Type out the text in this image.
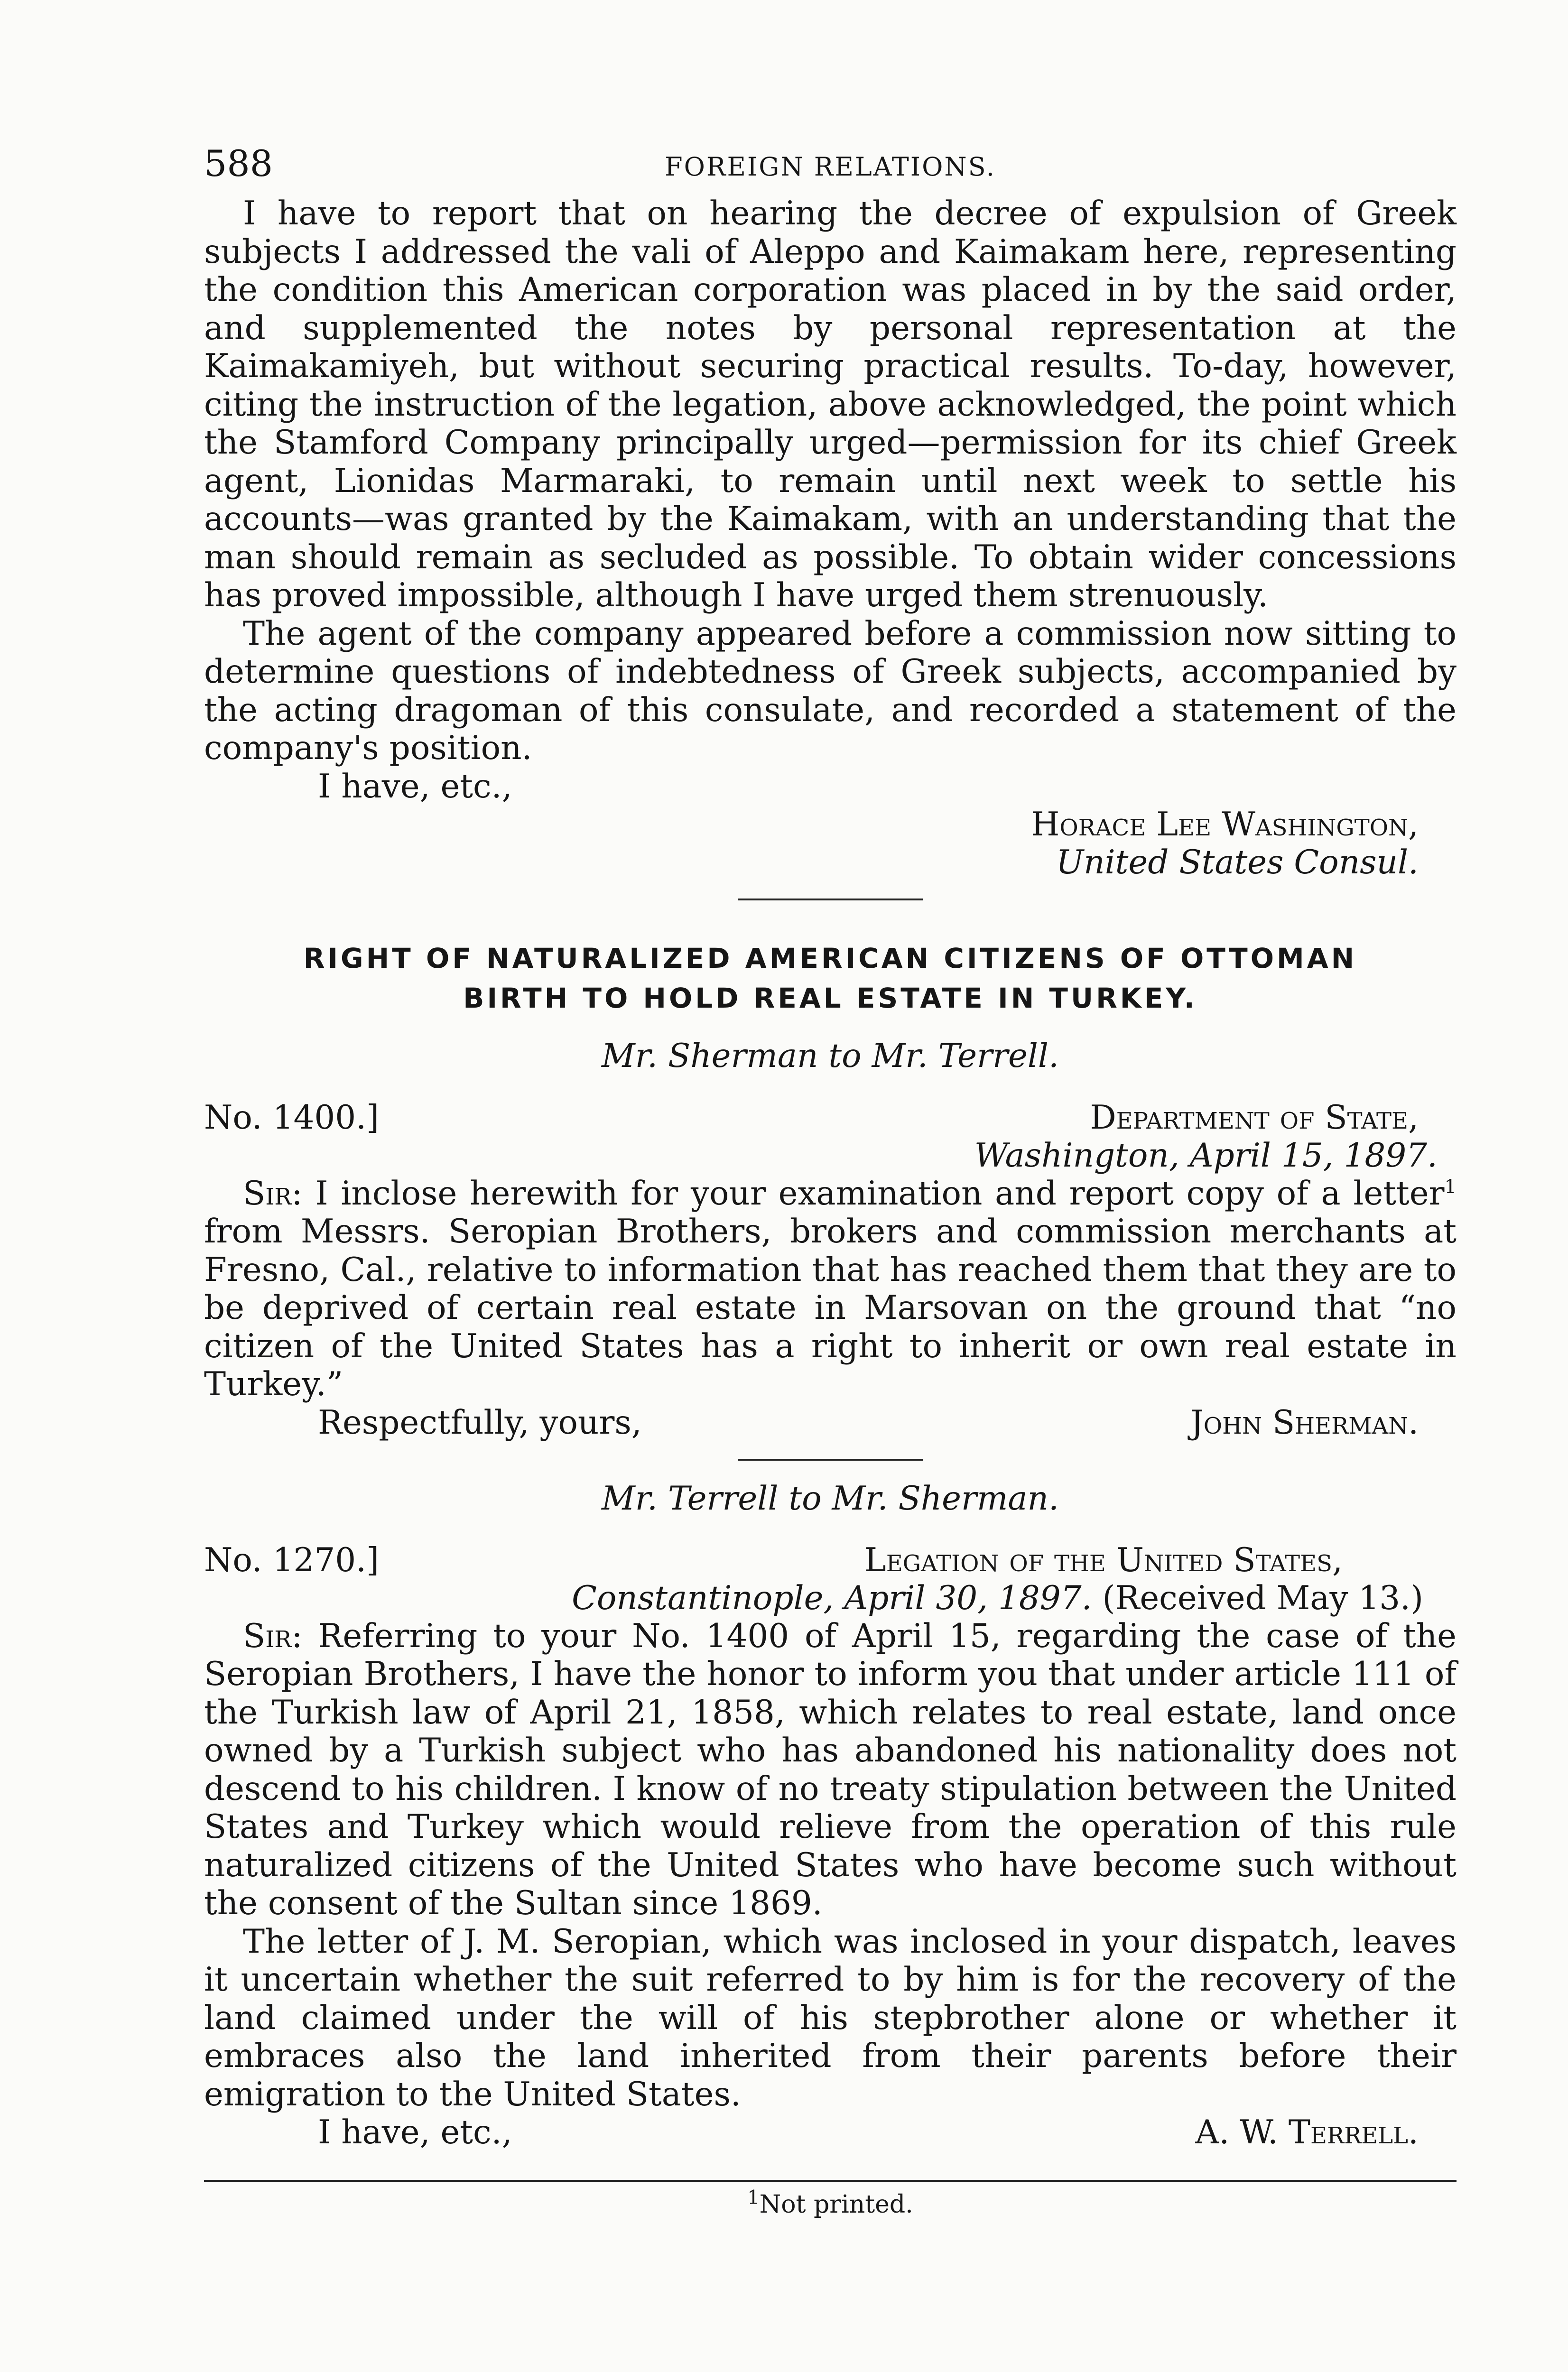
588	FOREIGN RELATIONS.

I have to report that on hearing the decree of expulsion of Greek subjects I addressed the vali of Aleppo and Kaimakam here, representing the condition this American corporation was placed in by the said order, and supplemented the notes by personal representation at the Kaimakamiyeh, but without securing practical results. To-day, however, citing the instruction of the legation, above acknowledged, the point which the Stamford Company principally urged—permission for its chief Greek agent, Lionidas Marmaraki, to remain until next week to settle his accounts—was granted by the Kaimakam, with an understanding that the man should remain as secluded as possible. To obtain wider concessions has proved impossible, although I have urged them strenuously.

The agent of the company appeared before a commission now sitting to determine questions of indebtedness of Greek subjects, accompanied by the acting dragoman of this consulate, and recorded a statement of the company's position.

I have, etc.,
Horace Lee Washington,
United States Consul.
RIGHT OF NATURALIZED AMERICAN CITIZENS OF OTTOMAN
BIRTH TO HOLD REAL ESTATE IN TURKEY.
Mr. Sherman to Mr. Terrell.
No. 1400.]	Department of State,
Washington, April 15, 1897.

Sir: I inclose herewith for your examination and report copy of a letter$^1$ from Messrs. Seropian Brothers, brokers and commission merchants at Fresno, Cal., relative to information that has reached them that they are to be deprived of certain real estate in Marsovan on the ground that “no citizen of the United States has a right to inherit or own real estate in Turkey.”

Respectfully, yours,	John Sherman.
Mr. Terrell to Mr. Sherman.
No. 1270.]	Legation of the United States,
Constantinople, April 30, 1897. (Received May 13.)

Sir: Referring to your No. 1400 of April 15, regarding the case of the Seropian Brothers, I have the honor to inform you that under article 111 of the Turkish law of April 21, 1858, which relates to real estate, land once owned by a Turkish subject who has abandoned his nationality does not descend to his children. I know of no treaty stipulation between the United States and Turkey which would relieve from the operation of this rule naturalized citizens of the United States who have become such without the consent of the Sultan since 1869.

The letter of J. M. Seropian, which was inclosed in your dispatch, leaves it uncertain whether the suit referred to by him is for the recovery of the land claimed under the will of his stepbrother alone or whether it embraces also the land inherited from their parents before their emigration to the United States.

I have, etc.,	A. W. Terrell.
$^1$Not printed.
